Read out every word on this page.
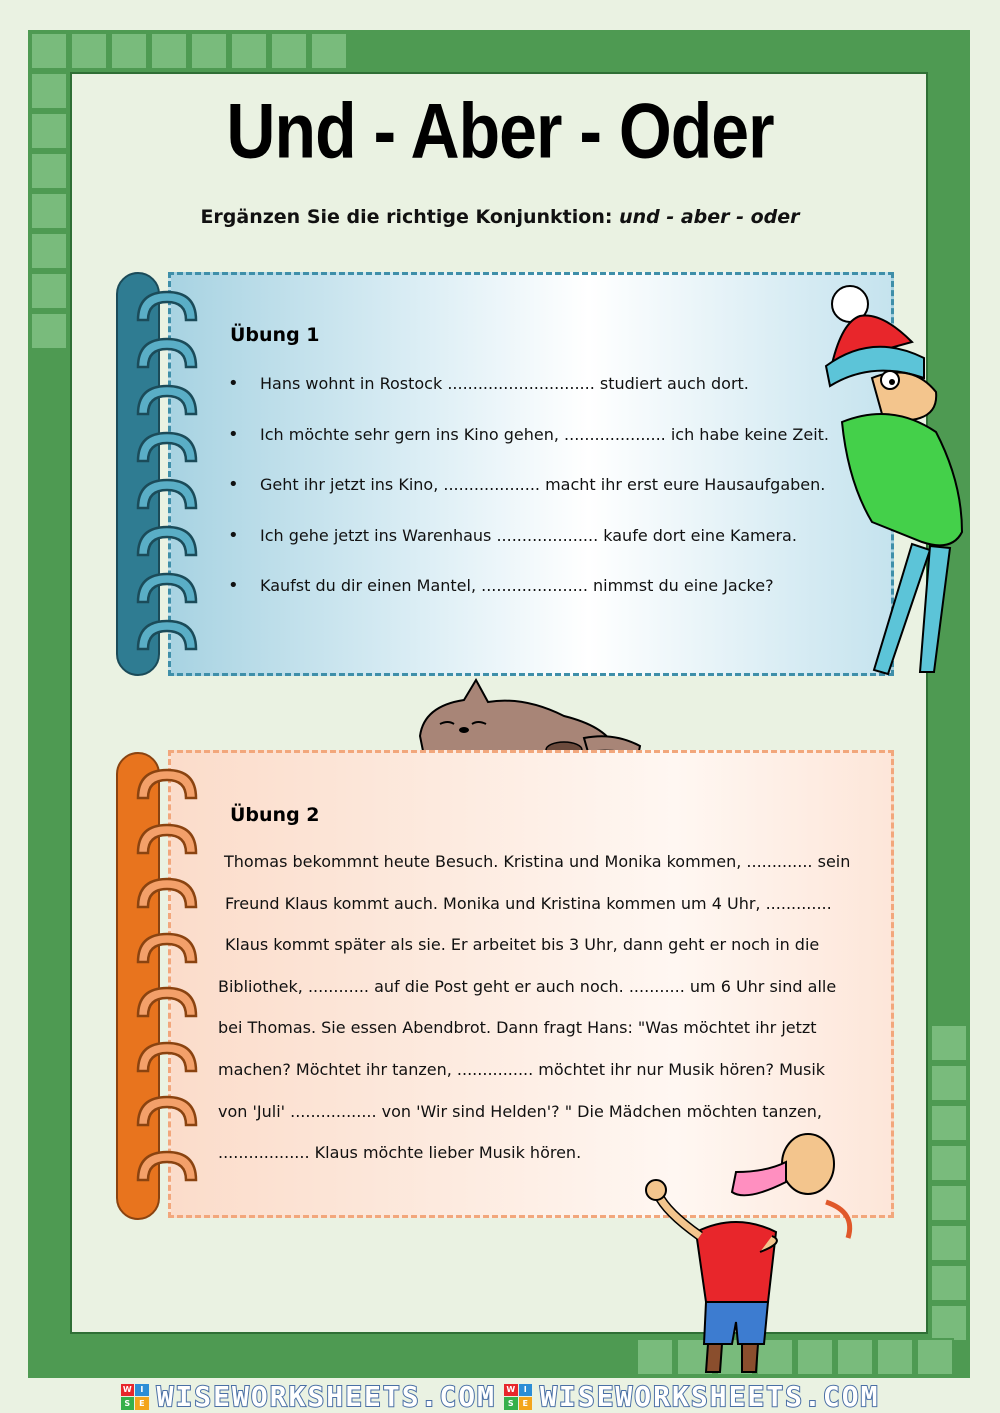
Und - Aber - Oder
Ergänzen Sie die richtige Konjunktion: und - aber - oder
Übung 1
• Hans wohnt in Rostock ............................. studiert auch dort.
• Ich möchte sehr gern ins Kino gehen, .................... ich habe keine Zeit.
• Geht ihr jetzt ins Kino, ................... macht ihr erst eure Hausaufgaben.
• Ich gehe jetzt ins Warenhaus .................... kaufe dort eine Kamera.
• Kaufst du dir einen Mantel, ..................... nimmst du eine Jacke?
Übung 2
Thomas bekommnt heute Besuch. Kristina und Monika kommen, ............. sein
Freund Klaus kommt auch. Monika und Kristina kommen um 4 Uhr, .............
Klaus kommt später als sie. Er arbeitet bis 3 Uhr, dann geht er noch in die
Bibliothek, ............ auf die Post geht er auch noch. ........... um 6 Uhr sind alle
bei Thomas. Sie essen Abendbrot. Dann fragt Hans: "Was möchtet ihr jetzt
machen? Möchtet ihr tanzen, ............... möchtet ihr nur Musik hören? Musik
von 'Juli' ................. von 'Wir sind Helden'? " Die Mädchen möchten tanzen,
.................. Klaus möchte lieber Musik hören.
W	I
S	E WISEWORKSHEETS.COM W	I
S	E WISEWORKSHEETS.COM
